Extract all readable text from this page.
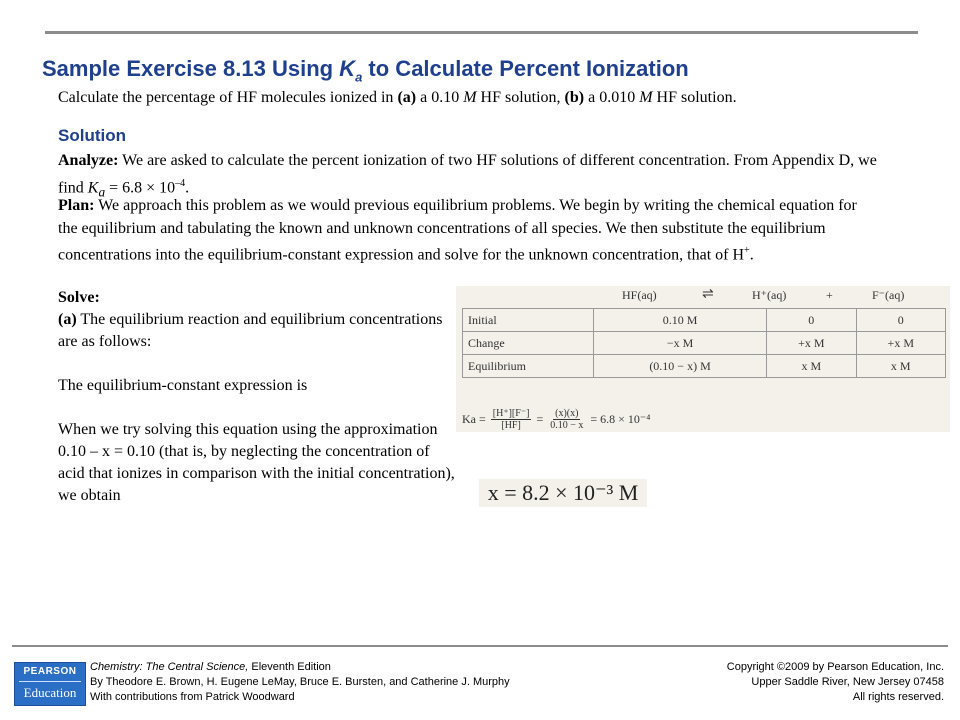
Sample Exercise 8.13 Using $K_a$ to Calculate Percent Ionization
Calculate the percentage of HF molecules ionized in (a) a 0.10 M HF solution, (b) a 0.010 M HF solution.
Solution
Analyze: We are asked to calculate the percent ionization of two HF solutions of different concentration. From Appendix D, we find $K_a = 6.8 \times 10^{-4}$.
Plan: We approach this problem as we would previous equilibrium problems. We begin by writing the chemical equation for the equilibrium and tabulating the known and unknown concentrations of all species. We then substitute the equilibrium concentrations into the equilibrium-constant expression and solve for the unknown concentration, that of H+.

Solve:

(a) The equilibrium reaction and equilibrium concentrations are as follows:

The equilibrium-constant expression is

When we try solving this equation using the approximation 0.10 – x = 0.10 (that is, by neglecting the concentration of acid that ionizes in comparison with the initial concentration), we obtain

HF(aq)	⇌	H⁺(aq)	+	F⁻(aq)
Initial	0.10 M	0	0
Change	−x M	+x M	+x M
Equilibrium	(0.10 − x) M	x M	x M
$Ka = \frac{[H^+][F^-]}{[HF]} = \frac{(x)(x)}{0.10 - x} = 6.8 \times 10^{-4}$
x = 8.2 × 10⁻³ M
PEARSON
Education
Chemistry: The Central Science, Eleventh Edition
By Theodore E. Brown, H. Eugene LeMay, Bruce E. Bursten, and Catherine J. Murphy
With contributions from Patrick Woodward
Copyright ©2009 by Pearson Education, Inc.
Upper Saddle River, New Jersey 07458
All rights reserved.
